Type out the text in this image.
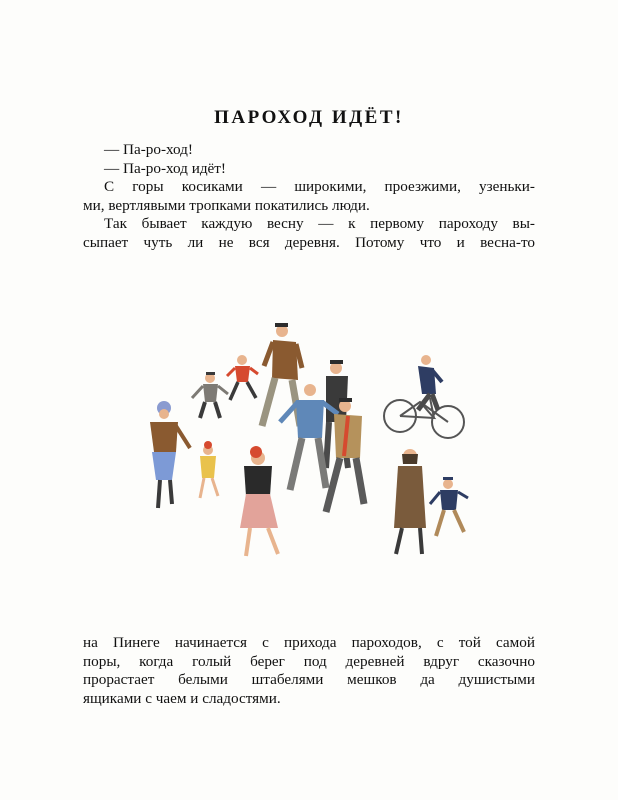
ПАРОХОД ИДЁТ!
— Па-ро-ход!
— Па-ро-ход идёт!
С горы косиками — широкими, проезжими, узеньки-
ми, вертлявыми тропками покатились люди.
Так бывает каждую весну — к первому пароходу вы-
сыпает чуть ли не вся деревня. Потому что и весна-то
на Пинеге начинается с прихода пароходов, с той самой
поры, когда голый берег под деревней вдруг сказочно
прорастает белыми штабелями мешков да душистыми
ящиками с чаем и сладостями.
